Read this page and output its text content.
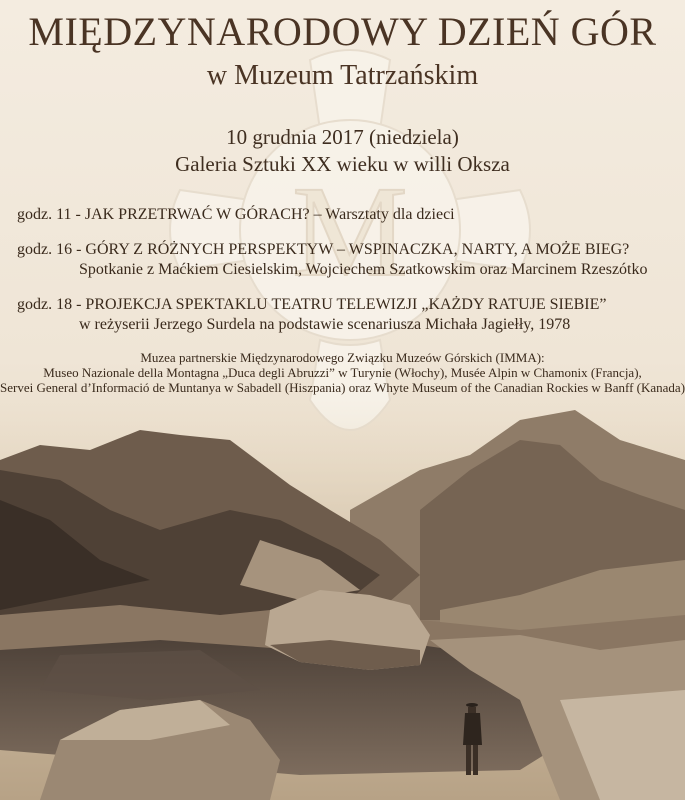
M
MIĘDZYNARODOWY DZIEŃ GÓR
w Muzeum Tatrzańskim
10 grudnia 2017 (niedziela)
Galeria Sztuki XX wieku w willi Oksza
godz. 11 - JAK PRZETRWAĆ W GÓRACH? – Warsztaty dla dzieci
godz. 16 - GÓRY Z RÓŻNYCH PERSPEKTYW – WSPINACZKA, NARTY, A MOŻE BIEG?
Spotkanie z Maćkiem Ciesielskim, Wojciechem Szatkowskim oraz Marcinem Rzeszótko
godz. 18 - PROJEKCJA SPEKTAKLU TEATRU TELEWIZJI „KAŻDY RATUJE SIEBIE”
w reżyserii Jerzego Surdela na podstawie scenariusza Michała Jagiełły, 1978
Muzea partnerskie Międzynarodowego Związku Muzeów Górskich (IMMA):
Museo Nazionale della Montagna „Duca degli Abruzzi” w Turynie (Włochy), Musée Alpin w Chamonix (Francja),
Servei General d’Informació de Muntanya w Sabadell (Hiszpania) oraz Whyte Museum of the Canadian Rockies w Banff (Kanada)
